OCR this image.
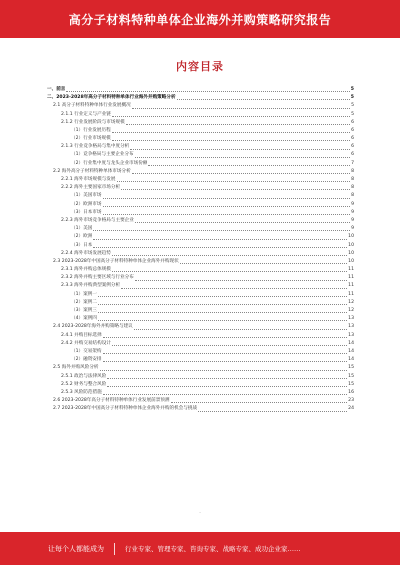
高分子材料特种单体企业海外并购策略研究报告
内容目录
一、前言	5
二、2023-2028年高分子材料特种单体行业海外并购策略分析	5
2.1 高分子材料特种单体行业发展概况	5
2.1.1 行业定义与产业链	5
2.1.2 行业发展阶段与市场规模	6
（1）行业发展历程	6
（2）行业市场规模	6
2.1.3 行业竞争格局与集中度分析	6
（1）竞争格局与主要企业分布	6
（2）行业集中度与龙头企业市场份额	7
2.2 海外高分子材料特种单体市场分析	8
2.2.1 海外市场规模与发展	8
2.2.2 海外主要国家市场分析	8
（1）美国市场	8
（2）欧洲市场	9
（3）日本市场	9
2.2.3 海外市场竞争格局与主要企业	9
（1）美国	9
（2）欧洲	10
（3）日本	10
2.2.4 海外市场发展趋势	10
2.3 2023-2028年中国高分子材料特种单体企业海外并购现状	10
2.3.1 海外并购总体规模	11
2.3.2 海外并购主要区域与行业分布	11
2.3.3 海外并购典型案例分析	11
（1）案例一	11
（2）案例二	12
（3）案例三	12
（4）案例四	13
2.4 2023-2028年海外并购策略与建议	13
2.4.1 并购目标选择	13
2.4.2 并购交易结构设计	14
（1）交易架构	14
（2）融资安排	14
2.5 海外并购风险分析	15
2.5.1 政治与法律风险	15
2.5.2 财务与整合风险	15
2.5.3 风险防范措施	16
2.6 2023-2028年高分子材料特种单体行业发展前景预测	23
2.7 2023-2028年中国高分子材料特种单体企业海外并购的机会与挑战	24
·
让每个人都能成为	行业专家、管理专家、咨询专家、战略专家、成功企业家……
